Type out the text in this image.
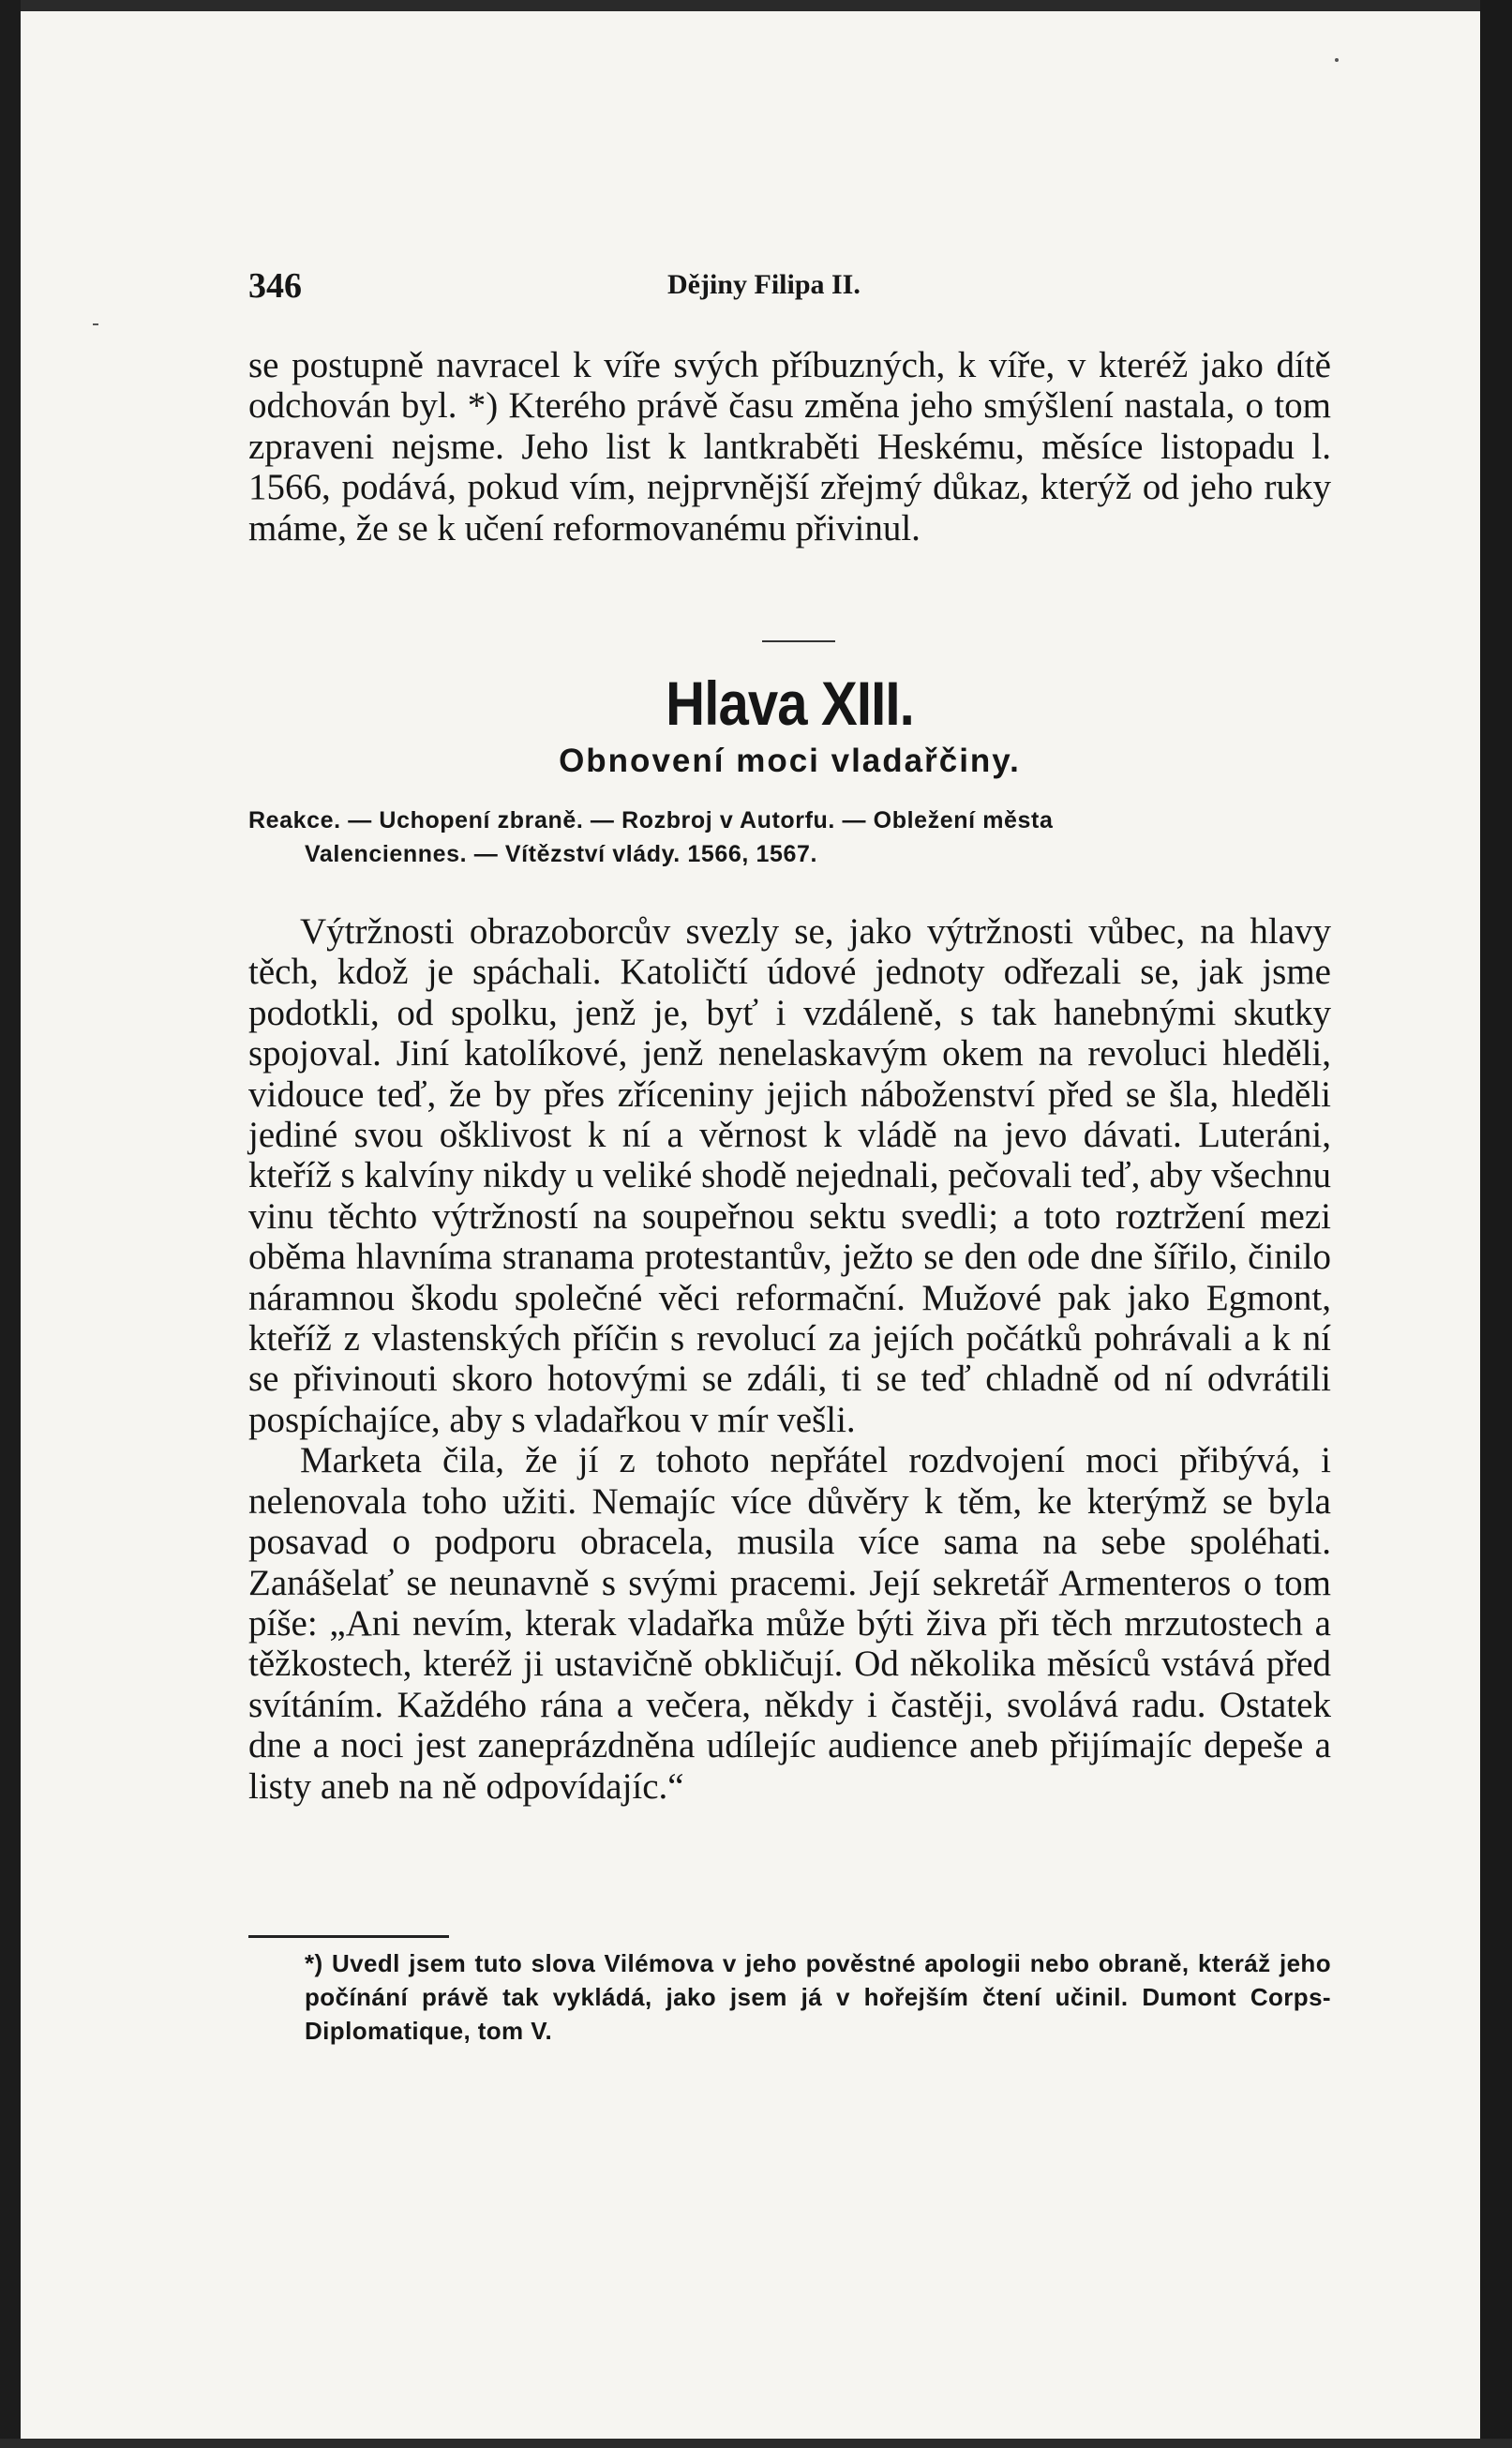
346	Dějiny Filipa II.

se postupně navracel k víře svých příbuzných, k víře, v kteréž jako dítě odchován byl. *) Kterého právě času změna jeho smýšlení nastala, o tom zpraveni nejsme. Jeho list k lantkraběti Heskému, měsíce listopadu l. 1566, podává, pokud vím, nejprvnější zřejmý důkaz, kterýž od jeho ruky máme, že se k učení reformovanému přivinul.

Hlava XIII.
Obnovení moci vladařčiny.
Reakce. — Uchopení zbraně. — Rozbroj v Autorfu. — Obležení města
Valenciennes. — Vítězství vlády. 1566, 1567.

Výtržnosti obrazoborcův svezly se, jako výtržnosti vůbec, na hlavy těch, kdož je spáchali. Katoličtí údové jednoty odřezali se, jak jsme podotkli, od spolku, jenž je, byť i vzdáleně, s tak hanebnými skutky spojoval. Jiní katolíkové, jenž nenelaskavým okem na revoluci hleděli, vidouce teď, že by přes zříceniny jejich náboženství před se šla, hleděli jediné svou ošklivost k ní a věrnost k vládě na jevo dávati. Luteráni, kteříž s kalvíny nikdy u veliké shodě nejednali, pečovali teď, aby všechnu vinu těchto výtržností na soupeřnou sektu svedli; a toto roztržení mezi oběma hlavníma stranama protestantův, ježto se den ode dne šířilo, činilo náramnou škodu společné věci reformační. Mužové pak jako Egmont, kteříž z vlastenských příčin s revolucí za jejích počátků pohrávali a k ní se přivinouti skoro hotovými se zdáli, ti se teď chladně od ní odvrátili pospíchajíce, aby s vladařkou v mír vešli.

Marketa čila, že jí z tohoto nepřátel rozdvojení moci přibývá, i nelenovala toho užiti. Nemajíc více důvěry k těm, ke kterýmž se byla posavad o podporu obracela, musila více sama na sebe spoléhati. Zanášelať se neunavně s svými pracemi. Její sekretář Armenteros o tom píše: „Ani nevím, kterak vladařka může býti živa při těch mrzutostech a těžkostech, kteréž ji ustavičně obkličují. Od několika měsíců vstává před svítáním. Každého rána a večera, někdy i častěji, svolává radu. Ostatek dne a noci jest zaneprázdněna udílejíc audience aneb přijímajíc depeše a listy aneb na ně odpovídajíc.“

*) Uvedl jsem tuto slova Vilémova v jeho pověstné apologii nebo obraně, kteráž jeho počínání právě tak vykládá, jako jsem já v hořejším čtení učinil. Dumont Corps-Diplomatique, tom V.
